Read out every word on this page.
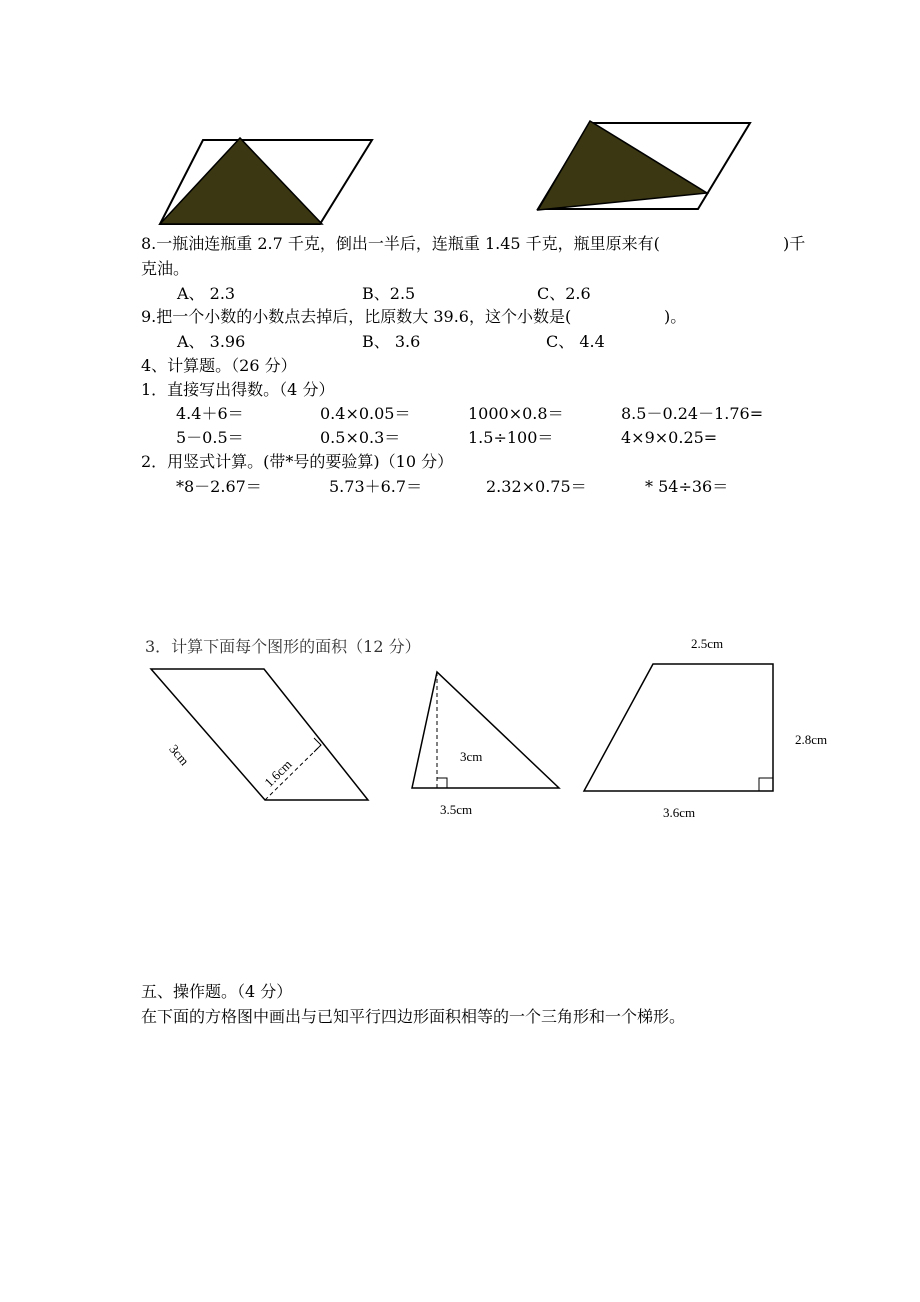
8.一瓶油连瓶重 2.7 千克，倒出一半后，连瓶重 1.45 千克，瓶里原来有(	)千
克油。
A、 2.3	B、2.5	C、2.6
9.把一个小数的小数点去掉后，比原数大 39.6，这个小数是(	)。
A、 3.96	B、 3.6	C、 4.4
4、计算题。（26 分）
1．直接写出得数。（4 分）
4.4＋6＝	0.4×0.05＝	1000×0.8＝	8.5－0.24－1.76=
5－0.5＝	0.5×0.3＝	1.5÷100＝	4×9×0.25=
2．用竖式计算。(带*号的要验算)（10 分）
*8－2.67＝	5.73＋6.7＝	2.32×0.75＝	* 54÷36＝
3．计算下面每个图形的面积（12 分）
3cm
1.6cm
3cm
3.5cm
2.5cm
2.8cm
3.6cm
五、操作题。（4 分）
在下面的方格图中画出与已知平行四边形面积相等的一个三角形和一个梯形。
